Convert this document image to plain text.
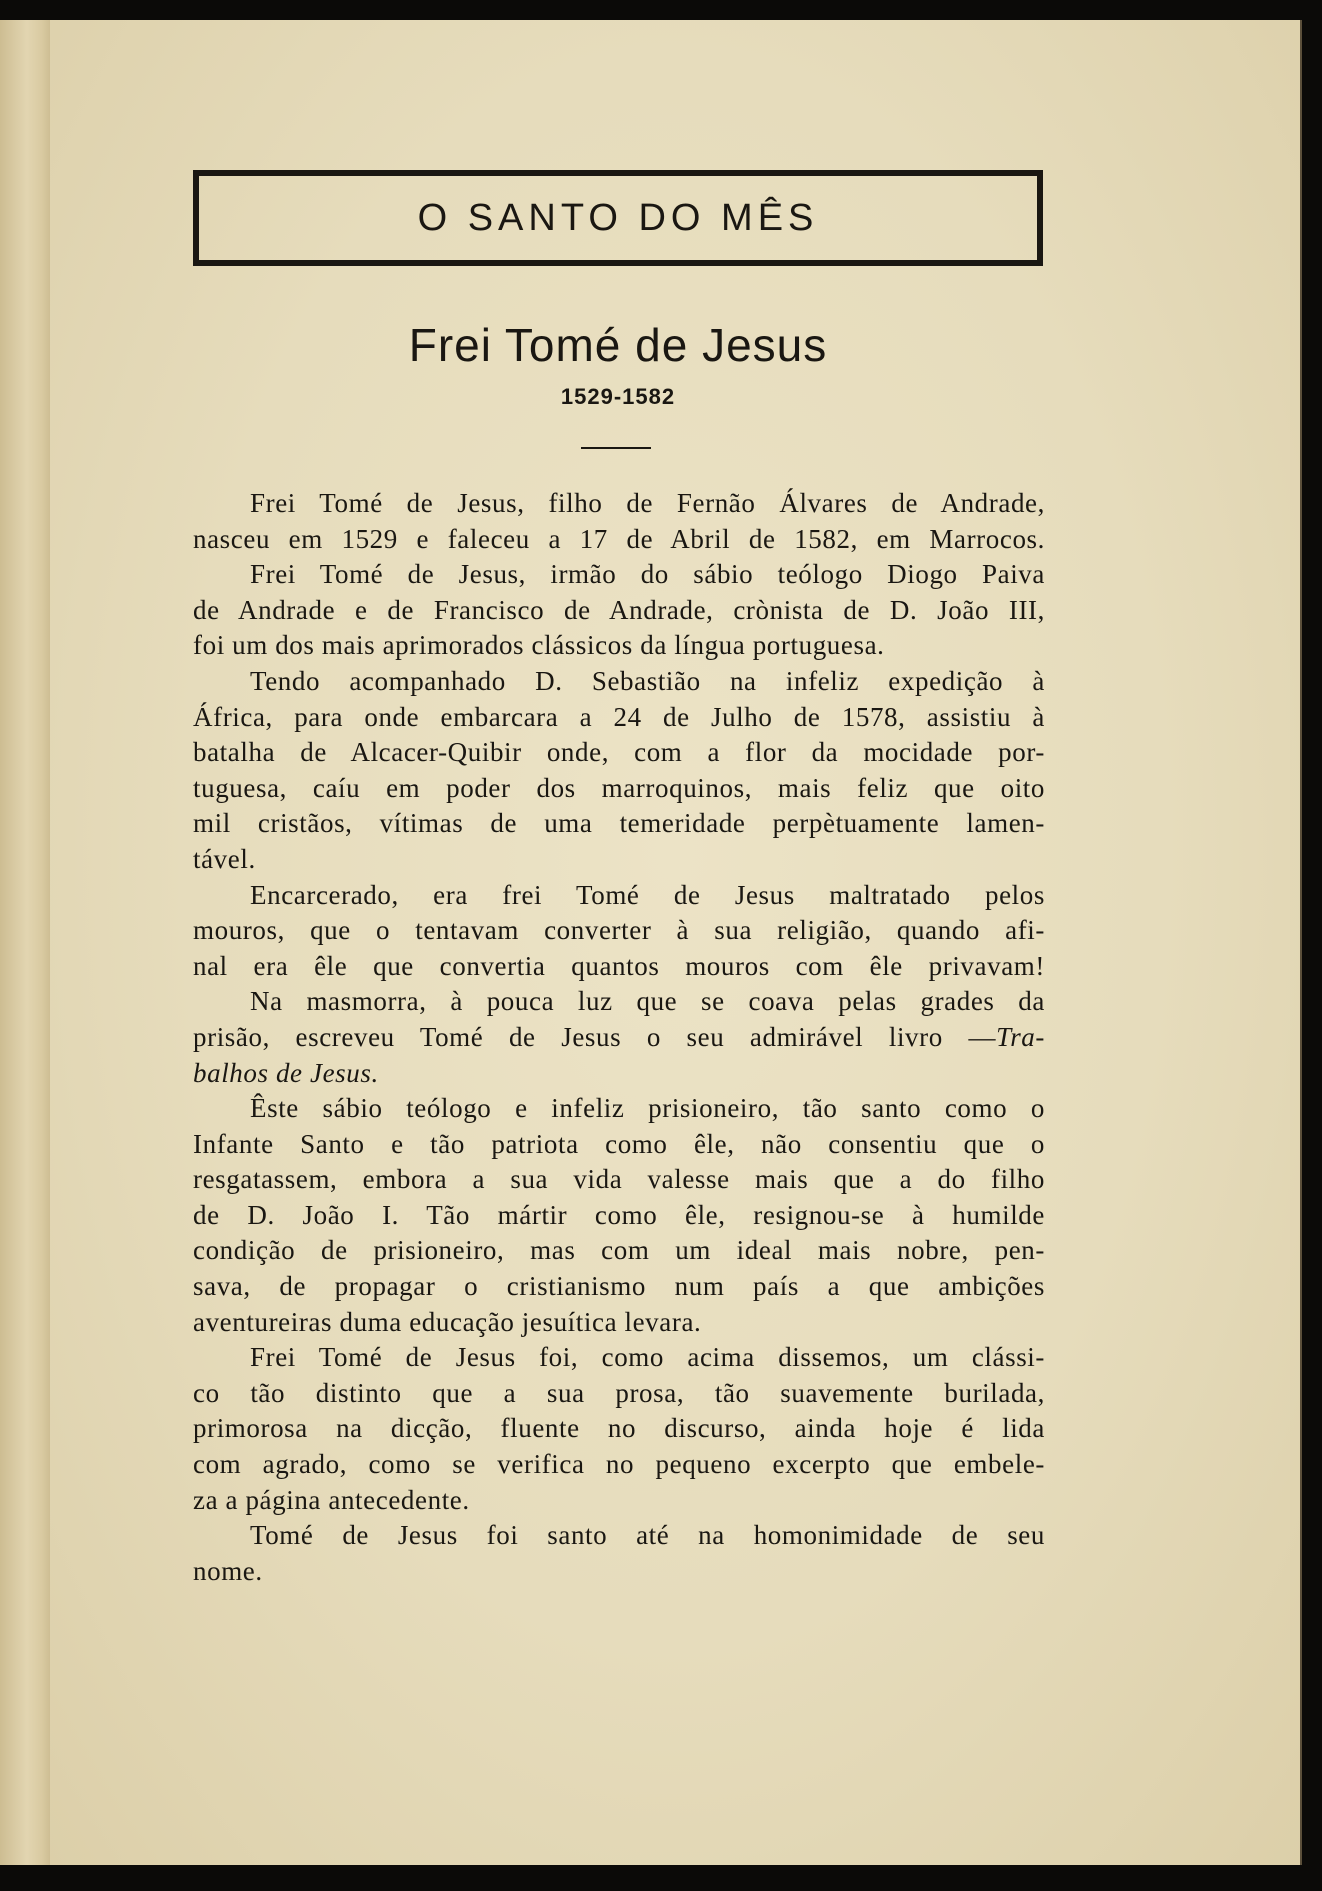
O SANTO DO MÊS
Frei Tomé de Jesus
1529-1582

Frei Tomé de Jesus, filho de Fernão Álvares de Andrade,
nasceu em 1529 e faleceu a 17 de Abril de 1582, em Marrocos.
Frei Tomé de Jesus, irmão do sábio teólogo Diogo Paiva
de Andrade e de Francisco de Andrade, crònista de D. João III,
foi um dos mais aprimorados clássicos da língua portuguesa.

Tendo acompanhado D. Sebastião na infeliz expedição à
África, para onde embarcara a 24 de Julho de 1578, assistiu à
batalha de Alcacer-Quibir onde, com a flor da mocidade por-
tuguesa, caíu em poder dos marroquinos, mais feliz que oito
mil cristãos, vítimas de uma temeridade perpètuamente lamen-
tável.

Encarcerado, era frei Tomé de Jesus maltratado pelos
mouros, que o tentavam converter à sua religião, quando afi-
nal era êle que convertia quantos mouros com êle privavam!

Na masmorra, à pouca luz que se coava pelas grades da
prisão, escreveu Tomé de Jesus o seu admirável livro —Tra-
balhos de Jesus.

Êste sábio teólogo e infeliz prisioneiro, tão santo como o
Infante Santo e tão patriota como êle, não consentiu que o
resgatassem, embora a sua vida valesse mais que a do filho
de D. João I. Tão mártir como êle, resignou-se à humilde
condição de prisioneiro, mas com um ideal mais nobre, pen-
sava, de propagar o cristianismo num país a que ambições
aventureiras duma educação jesuítica levara.

Frei Tomé de Jesus foi, como acima dissemos, um clássi-
co tão distinto que a sua prosa, tão suavemente burilada,
primorosa na dicção, fluente no discurso, ainda hoje é lida
com agrado, como se verifica no pequeno excerpto que embele-
za a página antecedente.

Tomé de Jesus foi santo até na homonimidade de seu
nome.
